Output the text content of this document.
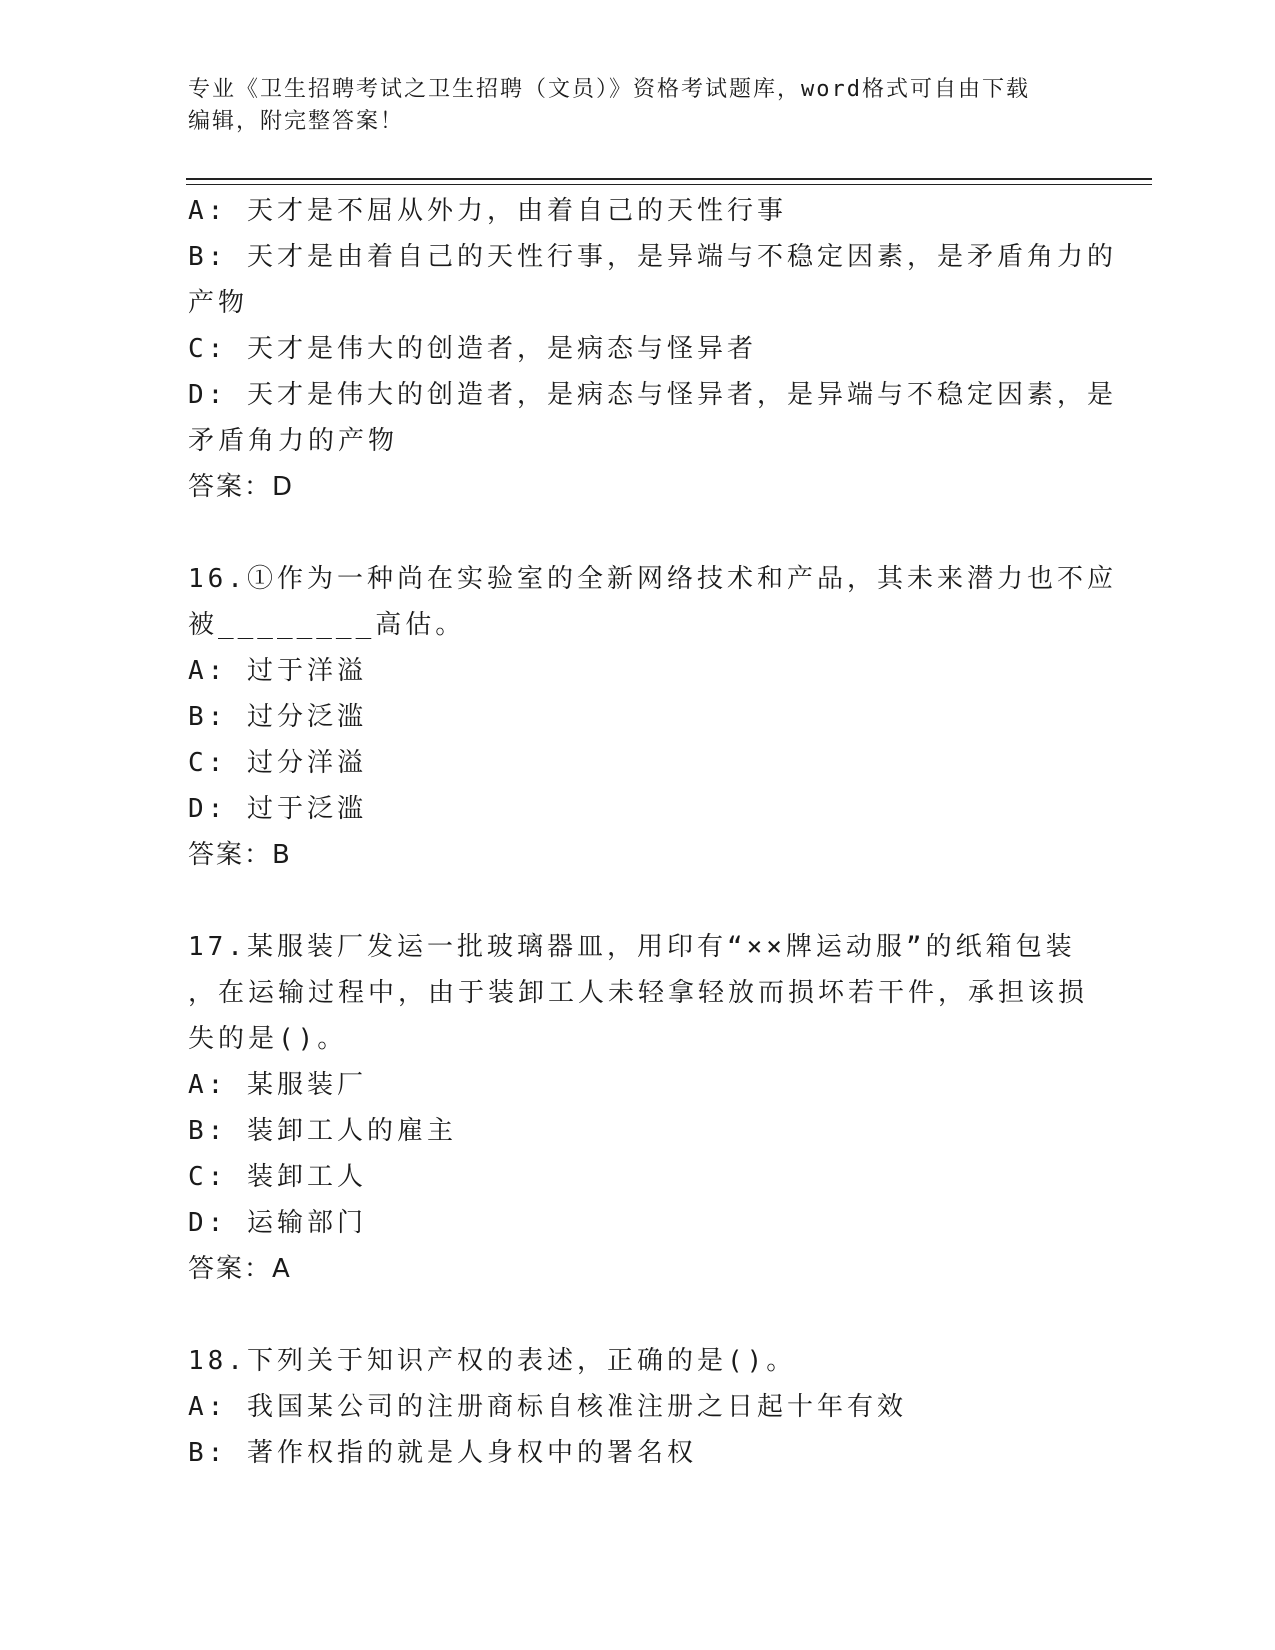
专业《卫生招聘考试之卫生招聘（文员）》资格考试题库，word格式可自由下载
编辑，附完整答案！
A: 天才是不屈从外力，由着自己的天性行事
B: 天才是由着自己的天性行事，是异端与不稳定因素，是矛盾角力的
产物
C: 天才是伟大的创造者，是病态与怪异者
D: 天才是伟大的创造者，是病态与怪异者，是异端与不稳定因素，是
矛盾角力的产物
答案：D
16.①作为一种尚在实验室的全新网络技术和产品，其未来潜力也不应
被________高估。
A: 过于洋溢
B: 过分泛滥
C: 过分洋溢
D: 过于泛滥
答案：B
17.某服装厂发运一批玻璃器皿，用印有“××牌运动服”的纸箱包装
，在运输过程中，由于装卸工人未轻拿轻放而损坏若干件，承担该损
失的是()。
A: 某服装厂
B: 装卸工人的雇主
C: 装卸工人
D: 运输部门
答案：A
18.下列关于知识产权的表述，正确的是()。
A: 我国某公司的注册商标自核准注册之日起十年有效
B: 著作权指的就是人身权中的署名权
